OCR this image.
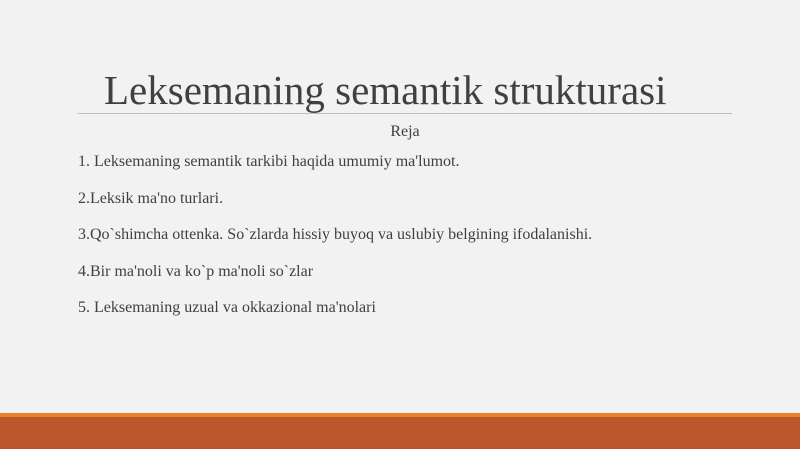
Leksemaning semantik strukturasi
Reja
1. Leksemaning semantik tarkibi haqida umumiy ma'lumot.
2.Leksik ma'no turlari.
3.Qo`shimcha ottenka. So`zlarda hissiy buyoq va uslubiy belgining ifodalanishi.
4.Bir ma'noli va ko`p ma'noli so`zlar
5. Leksemaning uzual va okkazional ma'nolari
